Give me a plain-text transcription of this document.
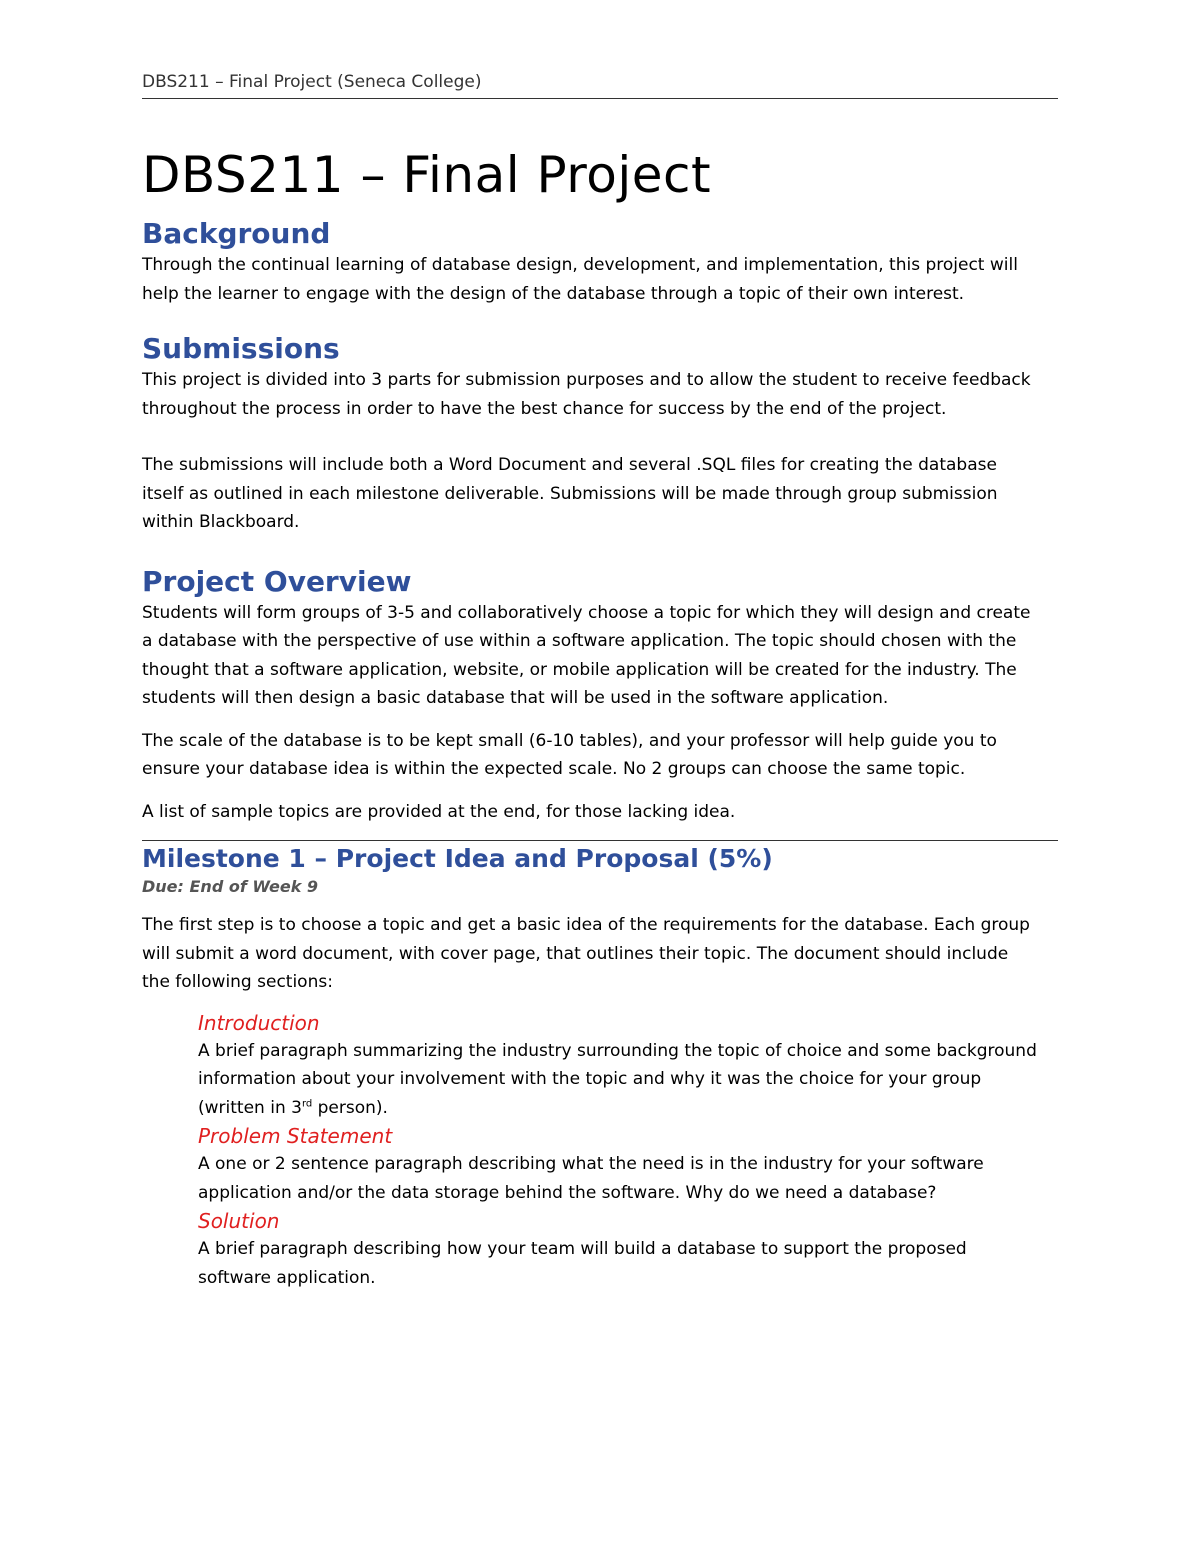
DBS211 – Final Project (Seneca College)
DBS211 – Final Project
Background

Through the continual learning of database design, development, and implementation, this project will
help the learner to engage with the design of the database through a topic of their own interest.

Submissions

This project is divided into 3 parts for submission purposes and to allow the student to receive feedback
throughout the process in order to have the best chance for success by the end of the project.

The submissions will include both a Word Document and several .SQL files for creating the database
itself as outlined in each milestone deliverable. Submissions will be made through group submission
within Blackboard.

Project Overview

Students will form groups of 3-5 and collaboratively choose a topic for which they will design and create
a database with the perspective of use within a software application. The topic should chosen with the
thought that a software application, website, or mobile application will be created for the industry. The
students will then design a basic database that will be used in the software application.

The scale of the database is to be kept small (6-10 tables), and your professor will help guide you to
ensure your database idea is within the expected scale. No 2 groups can choose the same topic.

A list of sample topics are provided at the end, for those lacking idea.

Milestone 1 – Project Idea and Proposal (5%)
Due: End of Week 9

The first step is to choose a topic and get a basic idea of the requirements for the database. Each group
will submit a word document, with cover page, that outlines their topic. The document should include
the following sections:

Introduction

A brief paragraph summarizing the industry surrounding the topic of choice and some background
information about your involvement with the topic and why it was the choice for your group
(written in 3rd person).

Problem Statement

A one or 2 sentence paragraph describing what the need is in the industry for your software
application and/or the data storage behind the software. Why do we need a database?

Solution

A brief paragraph describing how your team will build a database to support the proposed
software application.
